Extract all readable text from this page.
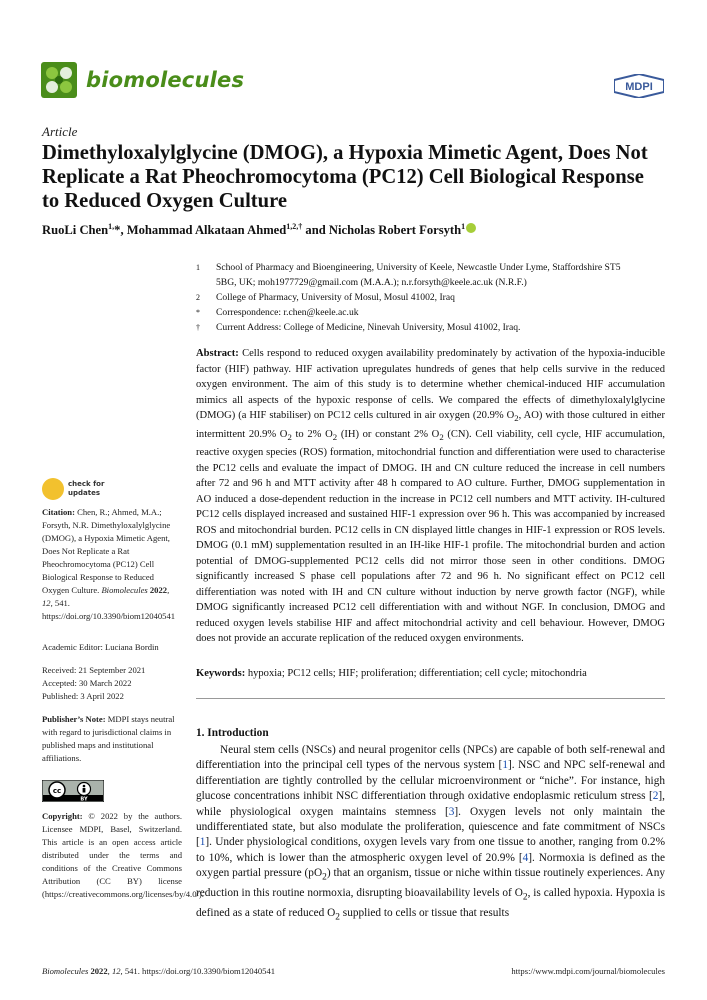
biomolecules	MDPI
Article
Dimethyloxalylglycine (DMOG), a Hypoxia Mimetic Agent, Does Not Replicate a Rat Pheochromocytoma (PC12) Cell Biological Response to Reduced Oxygen Culture
RuoLi Chen$^{1,}$*, Mohammad Alkataan Ahmed$^{1,2,\dagger}$ and Nicholas Robert Forsyth$^1$
1 School of Pharmacy and Bioengineering, University of Keele, Newcastle Under Lyme, Staffordshire ST5 5BG, UK; moh1977729@gmail.com (M.A.A.); n.r.forsyth@keele.ac.uk (N.R.F.)
2 College of Pharmacy, University of Mosul, Mosul 41002, Iraq
* Correspondence: r.chen@keele.ac.uk
† Current Address: College of Medicine, Ninevah University, Mosul 41002, Iraq.
Abstract: Cells respond to reduced oxygen availability predominately by activation of the hypoxia-inducible factor (HIF) pathway. HIF activation upregulates hundreds of genes that help cells survive in the reduced oxygen environment. The aim of this study is to determine whether chemical-induced HIF accumulation mimics all aspects of the hypoxic response of cells. We compared the effects of dimethyloxalylglycine (DMOG) (a HIF stabiliser) on PC12 cells cultured in air oxygen (20.9% $O_2$, AO) with those cultured in either intermittent 20.9% $O_2$ to 2% $O_2$ (IH) or constant 2% $O_2$ (CN). Cell viability, cell cycle, HIF accumulation, reactive oxygen species (ROS) formation, mitochondrial function and differentiation were used to characterise the PC12 cells and evaluate the impact of DMOG. IH and CN culture reduced the increase in cell numbers after 72 and 96 h and MTT activity after 48 h compared to AO culture. Further, DMOG supplementation in AO induced a dose-dependent reduction in the increase in PC12 cell numbers and MTT activity. IH-cultured PC12 cells displayed increased and sustained HIF-1 expression over 96 h. This was accompanied by increased ROS and mitochondrial burden. PC12 cells in CN displayed little changes in HIF-1 expression or ROS levels. DMOG (0.1 mM) supplementation resulted in an IH-like HIF-1 profile. The mitochondrial burden and action potential of DMOG-supplemented PC12 cells did not mirror those seen in other conditions. DMOG significantly increased S phase cell populations after 72 and 96 h. No significant effect on PC12 cell differentiation was noted with IH and CN culture without induction by nerve growth factor (NGF), while DMOG significantly increased PC12 cell differentiation with and without NGF. In conclusion, DMOG and reduced oxygen levels stabilise HIF and affect mitochondrial activity and cell behaviour. However, DMOG does not provide an accurate replication of the reduced oxygen environments.
Keywords: hypoxia; PC12 cells; HIF; proliferation; differentiation; cell cycle; mitochondria
check for
updates
Citation: Chen, R.; Ahmed, M.A.; Forsyth, N.R. Dimethyloxalylglycine (DMOG), a Hypoxia Mimetic Agent, Does Not Replicate a Rat Pheochromocytoma (PC12) Cell Biological Response to Reduced Oxygen Culture. Biomolecules 2022, 12, 541. https://doi.org/10.3390/biom12040541
Academic Editor: Luciana Bordin
Received: 21 September 2021
Accepted: 30 March 2022
Published: 3 April 2022
Publisher’s Note: MDPI stays neutral with regard to jurisdictional claims in published maps and institutional affiliations.
cc
BY
Copyright: © 2022 by the authors. Licensee MDPI, Basel, Switzerland. This article is an open access article distributed under the terms and conditions of the Creative Commons Attribution (CC BY) license (https://creativecommons.org/licenses/by/4.0/).
1. Introduction

Neural stem cells (NSCs) and neural progenitor cells (NPCs) are capable of both self-renewal and differentiation into the principal cell types of the nervous system [1]. NSC and NPC self-renewal and differentiation are tightly controlled by the cellular microenvironment or “niche”. For instance, high glucose concentrations inhibit NSC differentiation through oxidative endoplasmic reticulum stress [2], while physiological oxygen maintains stemness [3]. Oxygen levels not only maintain the undifferentiated state, but also modulate the proliferation, quiescence and fate commitment of NSCs [1]. Under physiological conditions, oxygen levels vary from one tissue to another, ranging from 0.2% to 10%, which is lower than the atmospheric oxygen level of 20.9% [4]. Normoxia is defined as the oxygen partial pressure $(pO_2)$ that an organism, tissue or niche within tissue routinely experiences. Any reduction in this routine normoxia, disrupting bioavailability levels of $O_2$, is called hypoxia. Hypoxia is defined as a state of reduced $O_2$ supplied to cells or tissue that results

Biomolecules 2022, 12, 541. https://doi.org/10.3390/biom12040541	https://www.mdpi.com/journal/biomolecules
